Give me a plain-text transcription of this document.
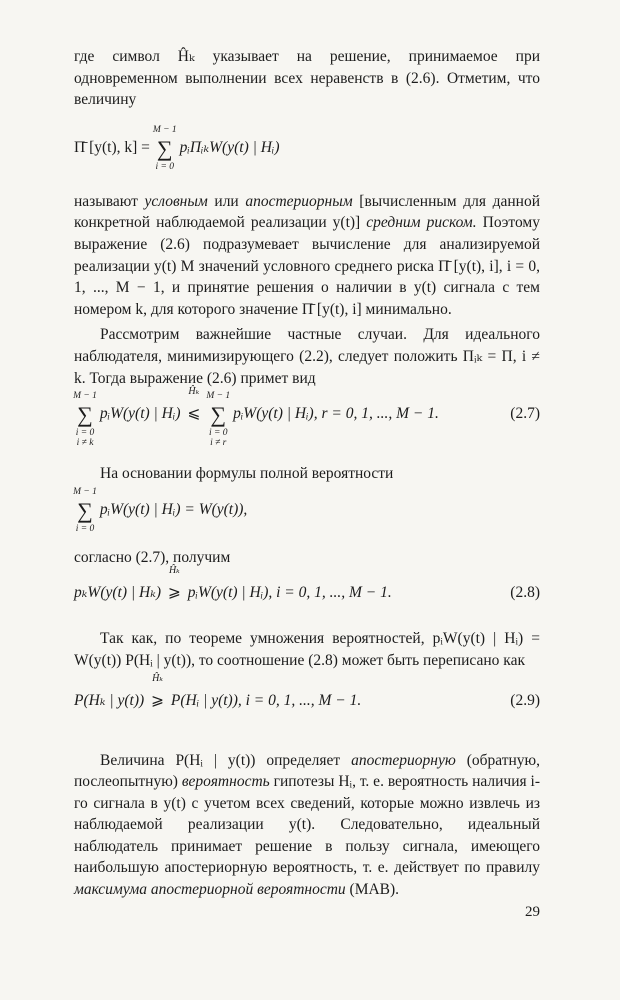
где символ Ĥₖ указывает на решение, принимаемое при одновременном выполнении всех неравенств в (2.6). Отметим, что величину

Π̄ [y(t), k] = ∑
M − 1
i = 0
pᵢΠᵢₖW(y(t) | Hᵢ)

называют условным или апостериорным [вычисленным для данной конкретной наблюдаемой реализации y(t)] средним риском. Поэтому выражение (2.6) подразумевает вычисление для анализируемой реализации y(t) M значений условного среднего риска Π̄ [y(t), i], i = 0, 1, ..., M − 1, и принятие решения о наличии в y(t) сигнала с тем номером k, для которого значение Π̄ [y(t), i] минимально.

Рассмотрим важнейшие частные случаи. Для идеального наблюдателя, минимизирующего (2.2), следует положить Πᵢₖ = Π, i ≠ k. Тогда выражение (2.6) примет вид

∑
M − 1
i = 0
i ≠ k
pᵢW(y(t) | Hᵢ)
Ĥₖ
⩽ ∑
M − 1
i = 0
i ≠ r
pᵢW(y(t) | Hᵢ), r = 0, 1, ..., M − 1.	(2.7)

На основании формулы полной вероятности

∑
M − 1
i = 0
pᵢW(y(t) | Hᵢ) = W(y(t)),

согласно (2.7), получим

pₖW(y(t) | Hₖ)
Ĥₖ
⩾ pᵢW(y(t) | Hᵢ), i = 0, 1, ..., M − 1.	(2.8)

Так как, по теореме умножения вероятностей, pᵢW(y(t) | Hᵢ) = W(y(t)) P(Hᵢ | y(t)), то соотношение (2.8) может быть переписано как

P(Hₖ | y(t))
Ĥₖ
⩾ P(Hᵢ | y(t)), i = 0, 1, ..., M − 1.	(2.9)

Величина P(Hᵢ | y(t)) определяет апостериорную (обратную, послеопытную) вероятность гипотезы Hᵢ, т. е. вероятность наличия i-го сигнала в y(t) с учетом всех сведений, которые можно извлечь из наблюдаемой реализации y(t). Следовательно, идеальный наблюдатель принимает решение в пользу сигнала, имеющего наибольшую апостериорную вероятность, т. е. действует по правилу максимума апостериорной вероятности (МАВ).

29
